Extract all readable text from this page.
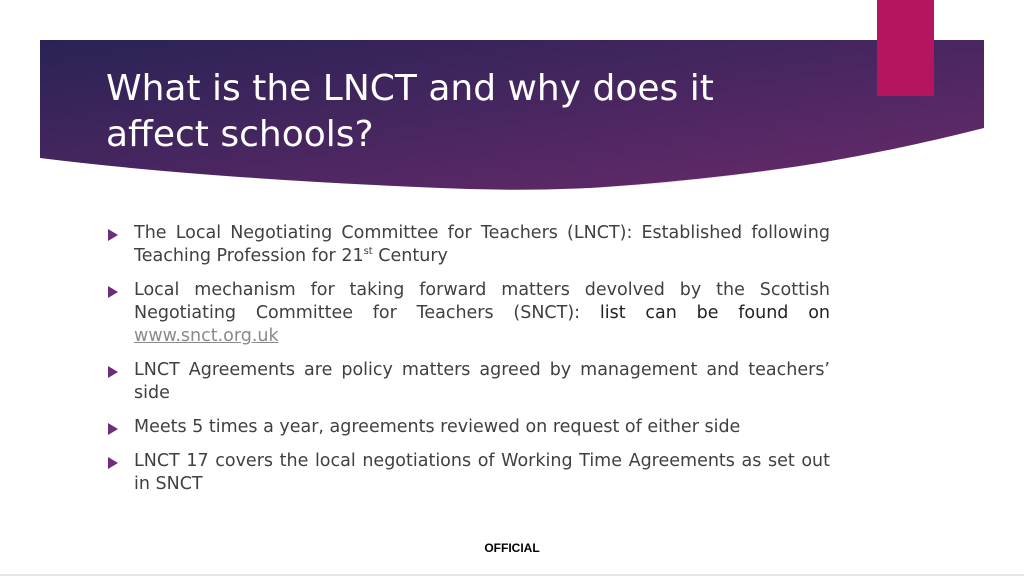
What is the LNCT and why does it affect schools?
The Local Negotiating Committee for Teachers (LNCT): Established following Teaching Profession for 21st Century
Local mechanism for taking forward matters devolved by the Scottish Negotiating Committee for Teachers (SNCT): list can be found on www.snct.org.uk
LNCT Agreements are policy matters agreed by management and teachers’ side
Meets 5 times a year, agreements reviewed on request of either side
LNCT 17 covers the local negotiations of Working Time Agreements as set out in SNCT
OFFICIAL
